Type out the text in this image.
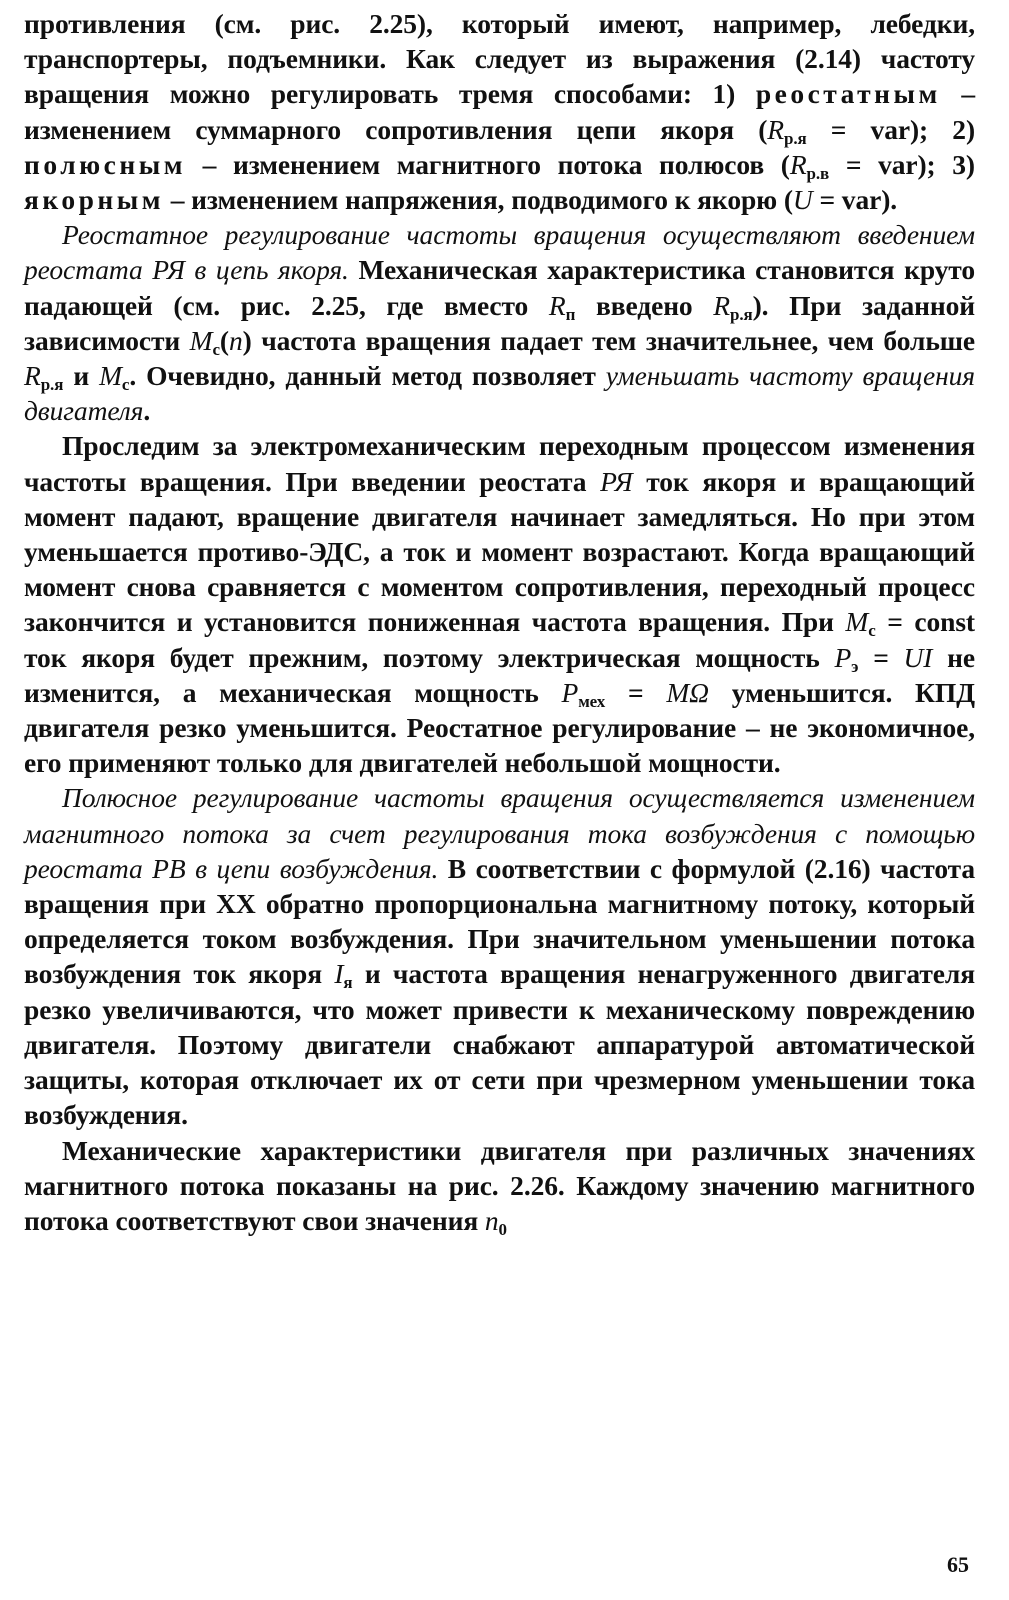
противления (см. рис. 2.25), который имеют, например, лебедки, транспортеры, подъемники. Как следует из выражения (2.14) частоту вращения можно регулировать тремя способами: 1) реостатным – изменением суммарного сопротивления цепи якоря $(R_{р.я} = var)$; 2) полюсным – изменением магнитного потока полюсов $(R_{р.в} = var)$; 3) якорным – изменением напряжения, подводимого к якорю (U = var).

Реостатное регулирование частоты вращения осуществляют введением реостата РЯ в цепь якоря. Механическая характеристика становится круто падающей (см. рис. 2.25, где вместо $R_п$ введено $R_{р.я}$). При заданной зависимости $M_c(n)$ частота вращения падает тем значительнее, чем больше $R_{р.я}$ и $M_c$. Очевидно, данный метод позволяет уменьшать частоту вращения двигателя.

Проследим за электромеханическим переходным процессом изменения частоты вращения. При введении реостата РЯ ток якоря и вращающий момент падают, вращение двигателя начинает замедляться. Но при этом уменьшается противо-ЭДС, а ток и момент возрастают. Когда вращающий момент снова сравняется с моментом сопротивления, переходный процесс закончится и установится пониженная частота вращения. При $M_c$ = const ток якоря будет прежним, поэтому электрическая мощность $P_э$ = UI не изменится, а механическая мощность $P_{мех} = M\Omega$ уменьшится. КПД двигателя резко уменьшится. Реостатное регулирование – не экономичное, его применяют только для двигателей небольшой мощности.

Полюсное регулирование частоты вращения осуществляется изменением магнитного потока за счет регулирования тока возбуждения с помощью реостата РВ в цепи возбуждения. В соответствии с формулой (2.16) частота вращения при ХХ обратно пропорциональна магнитному потоку, который определяется током возбуждения. При значительном уменьшении потока возбуждения ток якоря $I_я$ и частота вращения ненагруженного двигателя резко увеличиваются, что может привести к механическому повреждению двигателя. Поэтому двигатели снабжают аппаратурой автоматической защиты, которая отключает их от сети при чрезмерном уменьшении тока возбуждения.

Механические характеристики двигателя при различных значениях магнитного потока показаны на рис. 2.26. Каждому значению магнитного потока соответствуют свои значения $n_0$

65
